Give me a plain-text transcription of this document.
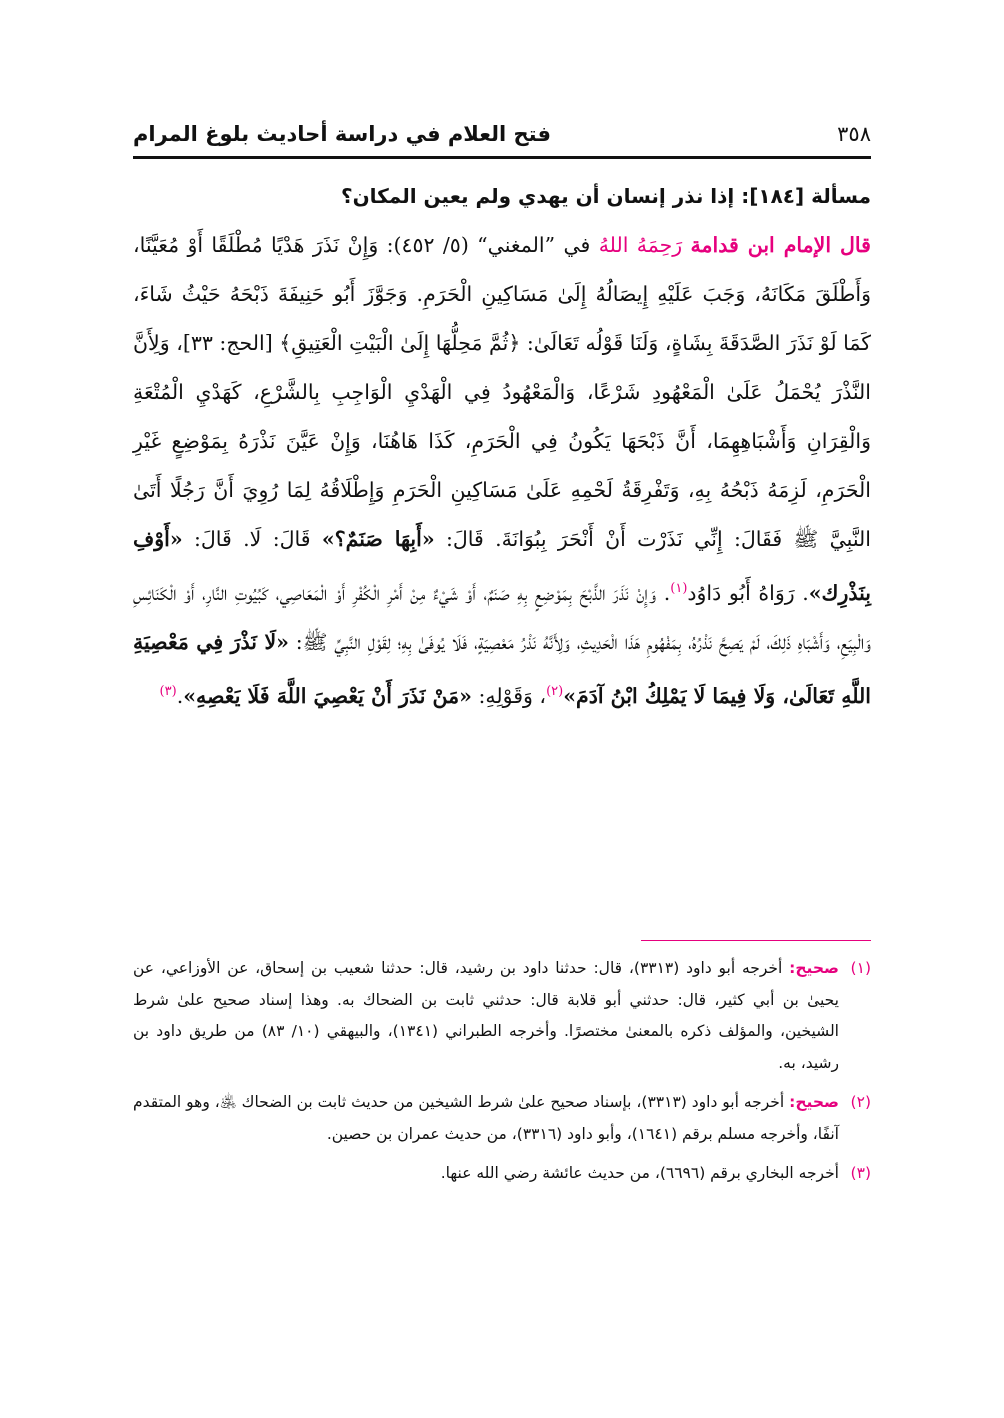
٣٥٨
فتح العلام في دراسة أحاديث بلوغ المرام

مسألة [١٨٤]: إذا نذر إنسان أن يهدي ولم يعين المكان؟

قال الإمام ابن قدامة رَحِمَهُ اللهُ في ”المغني“ (٥/ ٤٥٢): وَإِنْ نَذَرَ هَدْيًا مُطْلَقًا أَوْ مُعَيَّنًا، وَأَطْلَقَ مَكَانَهُ، وَجَبَ عَلَيْهِ إِيصَالُهُ إِلَىٰ مَسَاكِينِ الْحَرَمِ. وَجَوَّزَ أَبُو حَنِيفَةَ ذَبْحَهُ حَيْثُ شَاءَ، كَمَا لَوْ نَذَرَ الصَّدَقَةَ بِشَاةٍ، وَلَنَا قَوْلُه تَعَالَىٰ: ﴿ثُمَّ مَحِلُّهَا إِلَىٰ الْبَيْتِ الْعَتِيقِ﴾ [الحج: ٣٣]، وَلِأَنَّ النَّذْرَ يُحْمَلُ عَلَىٰ الْمَعْهُودِ شَرْعًا، وَالْمَعْهُودُ فِي الْهَدْيِ الْوَاجِبِ بِالشَّرْعِ، كَهَدْيِ الْمُتْعَةِ وَالْقِرَانِ وَأَشْبَاهِهِمَا، أَنَّ ذَبْحَهَا يَكُونُ فِي الْحَرَمِ، كَذَا هَاهُنَا، وَإِنْ عَيَّنَ نَذْرَهُ بِمَوْضِعٍ غَيْرِ الْحَرَمِ، لَزِمَهُ ذَبْحُهُ بِهِ، وَتَفْرِقَةُ لَحْمِهِ عَلَىٰ مَسَاكِينِ الْحَرَمِ وَإِطْلَاقُهُ لِمَا رُوِيَ أَنَّ رَجُلًا أَتَىٰ النَّبِيَّ ﷺ فَقَالَ: إِنِّي نَذَرْت أَنْ أَنْحَرَ بِبُوَانَةَ. قَالَ: «أَبِهَا صَنَمٌ؟» قَالَ: لَا. قَالَ: «أَوْفِ بِنَذْرِك». رَوَاهُ أَبُو دَاوُد$^{(١)}$. وَإِنْ نَذَرَ الذَّبْحَ بِمَوْضِعٍ بِهِ صَنَمٌ، أَوْ شَيْءٌ مِنْ أَمْرِ الْكُفْرِ أَوْ الْمَعَاصِي، كَبُيُوتِ النَّارِ، أَوْ الْكَنَائِسِ وَالْبِيَعِ، وَأَشْبَاهِ ذَلِكَ، لَمْ يَصِحَّ نَذْرُهُ، بِمَفْهُومِ هَذَا الْحَدِيثِ، وَلِأَنَّهُ نَذْرُ مَعْصِيَةٍ، فَلَا يُوفَىٰ بِهِ؛ لِقَوْلِ النَّبِيِّ ﷺ: «لَا نَذْرَ فِي مَعْصِيَةِ اللَّهِ تَعَالَىٰ، وَلَا فِيمَا لَا يَمْلِكُ ابْنُ آدَمَ»$^{(٢)}$، وَقَوْلِهِ: «مَنْ نَذَرَ أَنْ يَعْصِيَ اللَّهَ فَلَا يَعْصِهِ».$^{(٣)}$

(١)
صحيح: أخرجه أبو داود (٣٣١٣)، قال: حدثنا داود بن رشيد، قال: حدثنا شعيب بن إسحاق، عن الأوزاعي، عن يحيىٰ بن أبي كثير، قال: حدثني أبو قلابة قال: حدثني ثابت بن الضحاك به. وهذا إسناد صحيح علىٰ شرط الشيخين، والمؤلف ذكره بالمعنىٰ مختصرًا. وأخرجه الطبراني (١٣٤١)، والبيهقي (١٠/ ٨٣) من طريق داود بن رشيد، به.

(٢)
صحيح: أخرجه أبو داود (٣٣١٣)، بإسناد صحيح علىٰ شرط الشيخين من حديث ثابت بن الضحاك ﵁، وهو المتقدم آنفًا، وأخرجه مسلم برقم (١٦٤١)، وأبو داود (٣٣١٦)، من حديث عمران بن حصين.

(٣)
أخرجه البخاري برقم (٦٦٩٦)، من حديث عائشة رضي الله عنها.
